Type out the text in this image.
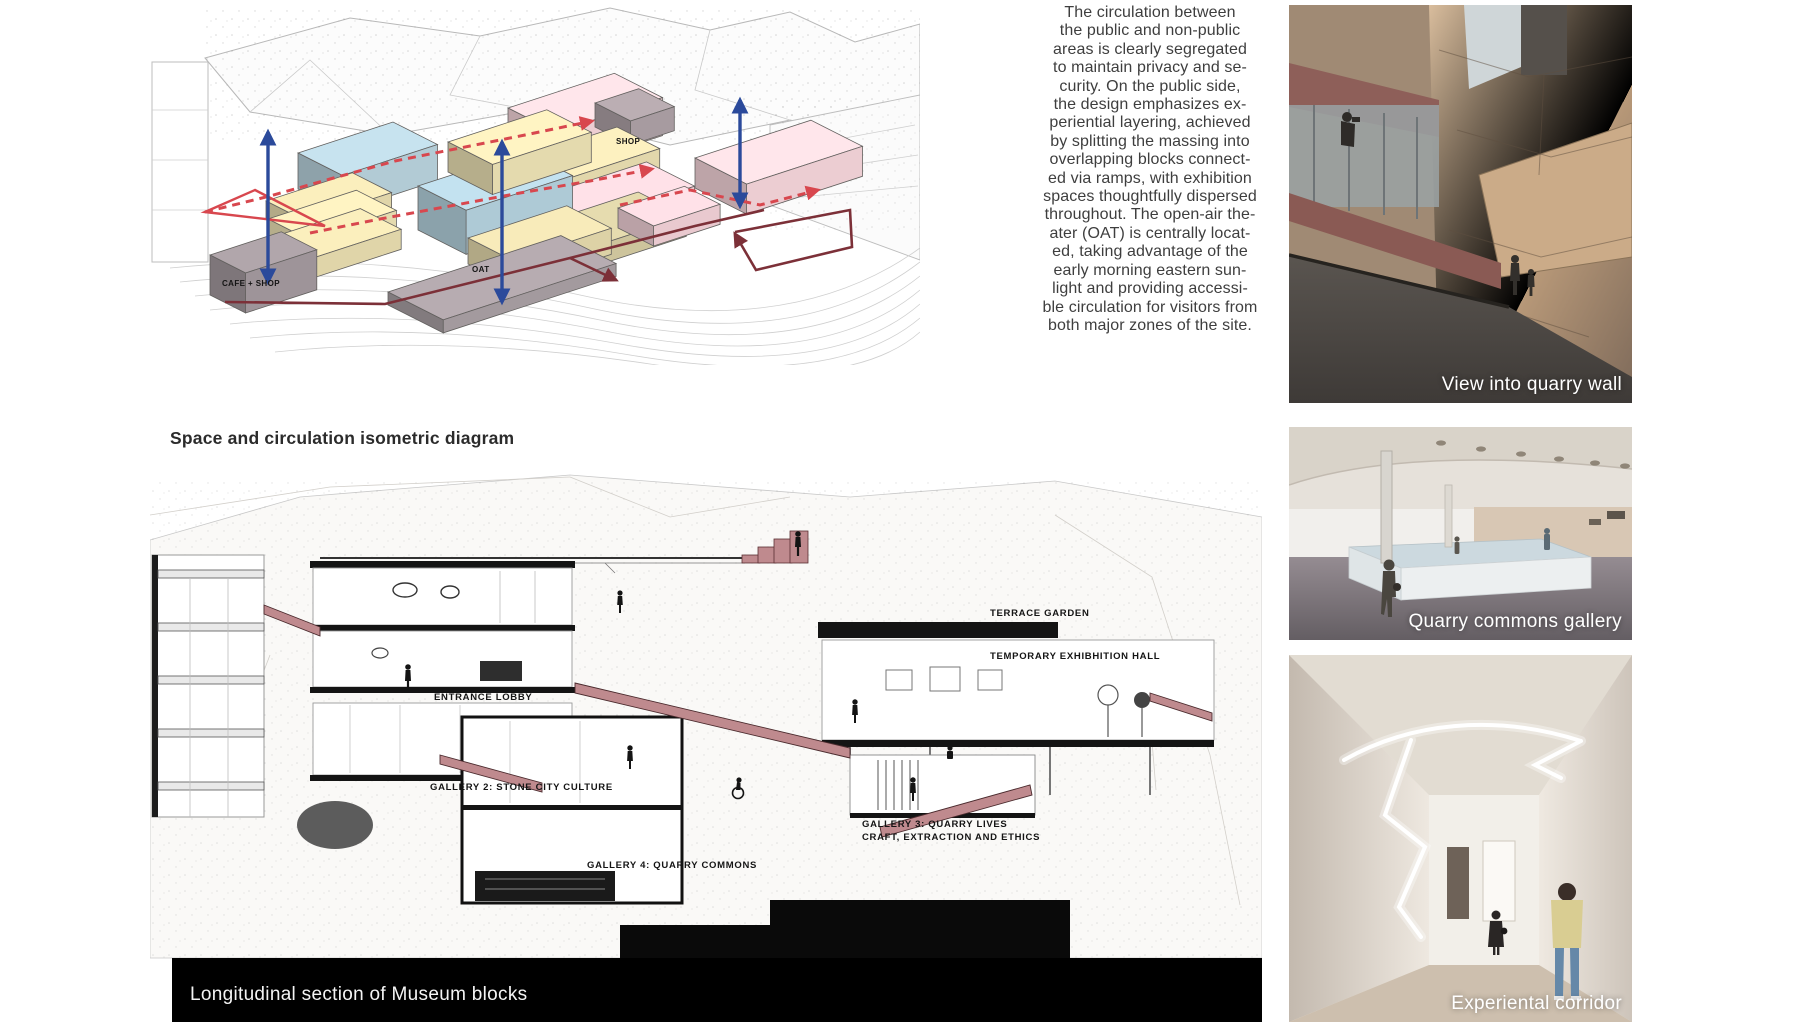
The circulation between
the public and non-public
areas is clearly segregated
to maintain privacy and se-
curity. On the public side,
the design emphasizes ex-
periential layering, achieved
by splitting the massing into
overlapping blocks connect-
ed via ramps, with exhibition
spaces thoughtfully dispersed
throughout. The open-air the-
ater (OAT) is centrally locat-
ed, taking advantage of the
early morning eastern sun-
light and providing accessi-
ble circulation for visitors from
both major zones of the site.
CAFE + SHOP
OAT
SHOP
Space and circulation isometric diagram
TERRACE GARDEN
TEMPORARY EXHIBHITION HALL
ENTRANCE LOBBY
GALLERY 2: STONE CITY CULTURE
GALLERY 3: QUARRY LIVES
CRAFT, EXTRACTION AND ETHICS
GALLERY 4: QUARRY COMMONS
Longitudinal section of Museum blocks
View into quarry wall
Quarry commons gallery
Experiental corridor
